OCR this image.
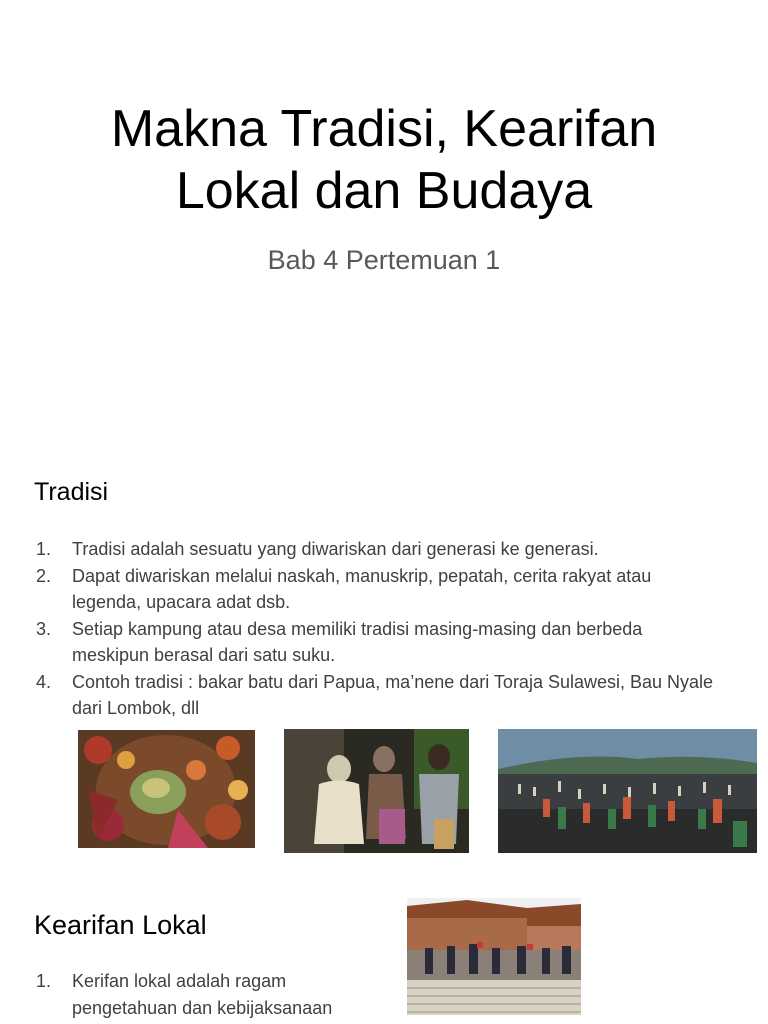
Makna Tradisi, Kearifan
Lokal dan Budaya
Bab 4 Pertemuan 1
Tradisi
1. Tradisi adalah sesuatu yang diwariskan dari generasi ke generasi.
2. Dapat diwariskan melalui naskah, manuskrip, pepatah, cerita rakyat atau legenda, upacara adat dsb.
3. Setiap kampung atau desa memiliki tradisi masing-masing dan berbeda meskipun berasal dari satu suku.
4. Contoh tradisi : bakar batu dari Papua, ma’nene dari Toraja Sulawesi, Bau Nyale dari Lombok, dll
Kearifan Lokal
1. Kerifan lokal adalah ragam pengetahuan dan kebijaksanaan
